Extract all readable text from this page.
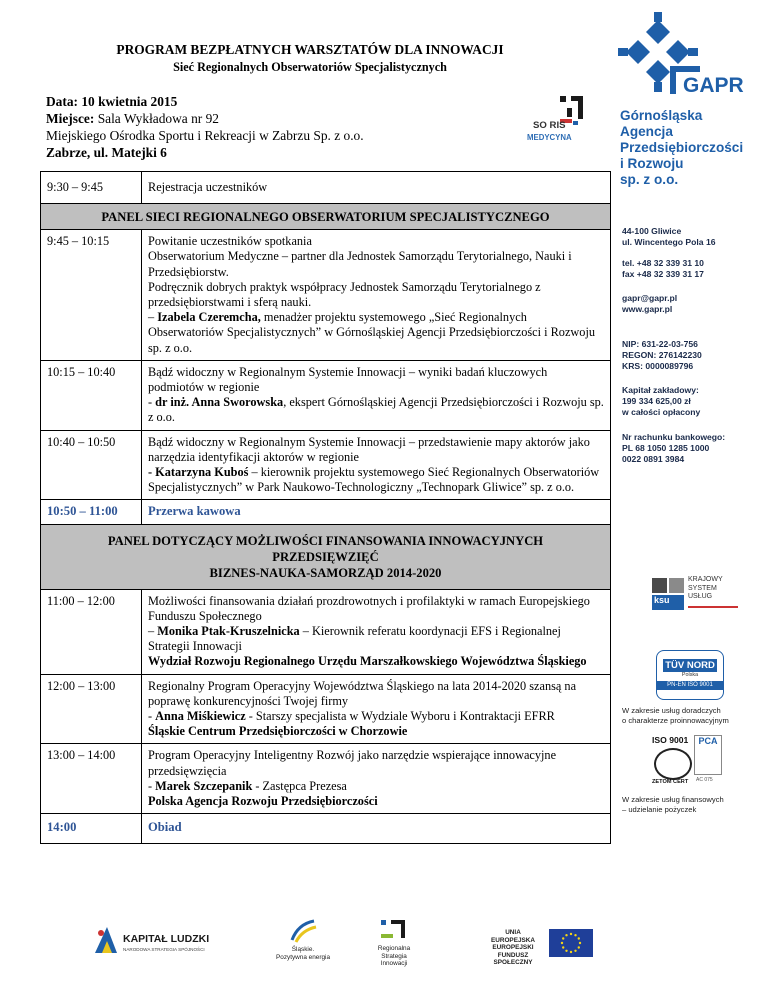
PROGRAM BEZPŁATNYCH WARSZTATÓW DLA INNOWACJI
Sieć Regionalnych Obserwatoriów Specjalistycznych
Data: 10 kwietnia 2015
Miejsce: Sala Wykładowa nr 92
Miejskiego Ośrodka Sportu i Rekreacji w Zabrzu Sp. z o.o.
Zabrze, ul. Matejki 6
SO RIS
MEDYCYNA
9:30 – 9:45	Rejestracja uczestników
PANEL SIECI REGIONALNEGO OBSERWATORIUM SPECJALISTYCZNEGO	
9:45 – 10:15	Powitanie uczestników spotkania
Obserwatorium Medyczne – partner dla Jednostek Samorządu Terytorialnego, Nauki i Przedsiębiorstw.
Podręcznik dobrych praktyk współpracy Jednostek Samorządu Terytorialnego z przedsiębiorstwami i sferą nauki.
– Izabela Czeremcha, menadżer projektu systemowego „Sieć Regionalnych Obserwatoriów Specjalistycznych” w Górnośląskiej Agencji Przedsiębiorczości i Rozwoju sp. z o.o.

10:15 – 10:40	Bądź widoczny w Regionalnym Systemie Innowacji – wyniki badań kluczowych podmiotów w regionie
- dr inż. Anna Sworowska, ekspert Górnośląskiej Agencji Przedsiębiorczości i Rozwoju sp. z o.o.

10:40 – 10:50	Bądź widoczny w Regionalnym Systemie Innowacji – przedstawienie mapy aktorów jako narzędzia identyfikacji aktorów w regionie
- Katarzyna Kuboś – kierownik projektu systemowego Sieć Regionalnych Obserwatoriów Specjalistycznych” w Park Naukowo-Technologiczny „Technopark Gliwice” sp. z o.o.

10:50 – 11:00	Przerwa kawowa

PANEL DOTYCZĄCY MOŻLIWOŚCI FINANSOWANIA INNOWACYJNYCH
PRZEDSIĘWZIĘĆ
BIZNES-NAUKA-SAMORZĄD 2014-2020	

11:00 – 12:00	Możliwości finansowania działań prozdrowotnych i profilaktyki w ramach Europejskiego Funduszu Społecznego
– Monika Ptak-Kruszelnicka – Kierownik referatu koordynacji EFS i Regionalnej Strategii Innowacji
Wydział Rozwoju Regionalnego Urzędu Marszałkowskiego Województwa Śląskiego

12:00 – 13:00	Regionalny Program Operacyjny Województwa Śląskiego na lata 2014-2020 szansą na poprawę konkurencyjności Twojej firmy
- Anna Miśkiewicz - Starszy specjalista w Wydziale Wyboru i Kontraktacji EFRR
Śląskie Centrum Przedsiębiorczości w Chorzowie

13:00 – 14:00	Program Operacyjny Inteligentny Rozwój jako narzędzie wspierające innowacyjne przedsięwzięcia
- Marek Szczepanik - Zastępca Prezesa
Polska Agencja Rozwoju Przedsiębiorczości

14:00	Obiad
GAPR
Górnośląska
Agencja
Przedsiębiorczości
i Rozwoju
sp. z o.o.
44-100 Gliwice
ul. Wincentego Pola 16
tel. +48 32 339 31 10
fax +48 32 339 31 17
gapr@gapr.pl
www.gapr.pl
NIP: 631-22-03-756
REGON: 276142230
KRS: 0000089796
Kapitał zakładowy:
199 334 625,00 zł
w całości opłacony
Nr rachunku bankowego:
PL 68 1050 1285 1000
0022 0891 3984
ksu
KRAJOWY
SYSTEM
USŁUG
TÜV NORD
Polska
PN-EN ISO 9001
W zakresie usług doradczych
o charakterze proinnowacyjnym
ISO 9001
ZETOM CERT
PCA
AC 075
W zakresie usług finansowych
– udzielanie pożyczek
KAPITAŁ LUDZKI
NARODOWA STRATEGIA SPÓJNOŚCI	Śląskie.
Pozytywna energia
Regionalna
Strategia
Innowacji
UNIA EUROPEJSKA
EUROPEJSKI
FUNDUSZ SPOŁECZNY
